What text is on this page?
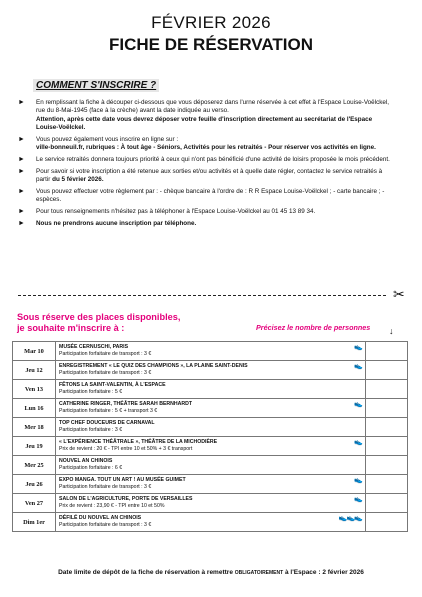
FÉVRIER 2026
FICHE DE RÉSERVATION
COMMENT S'INSCRIRE ?
► En remplissant la fiche à découper ci-dessous que vous déposerez dans l'urne réservée à cet effet à l'Espace Louise-Voëlckel, rue du 8-Mai-1945 (face à la crèche) avant la date indiquée au verso.
Attention, après cette date vous devrez déposer votre feuille d'inscription directement au secrétariat de l'Espace Louise-Voëlckel.
► Vous pouvez également vous inscrire en ligne sur :
ville-bonneuil.fr, rubriques : À tout âge - Séniors, Activités pour les retraités - Pour réserver vos activités en ligne.
► Le service retraités donnera toujours priorité à ceux qui n'ont pas bénéficié d'une activité de loisirs proposée le mois précédent.
► Pour savoir si votre inscription a été retenue aux sorties et/ou activités et à quelle date régler, contactez le service retraités à partir du 5 février 2026.
► Vous pouvez effectuer votre règlement par : - chèque bancaire à l'ordre de : R R Espace Louise-Voëlckel ; - carte bancaire ; - espèces.
► Pour tous renseignements n'hésitez pas à téléphoner à l'Espace Louise-Voëlckel au 01 45 13 89 34.
► Nous ne prendrons aucune inscription par téléphone.
✂
Sous réserve des places disponibles,
je souhaite m'inscrire à :	Précisez le nombre de personnes ↓
Mar 10	👟
MUSÉE CERNUSCHI, PARIS
Participation forfaitaire de transport : 3 €	
Jeu 12	👟
ENREGISTREMENT « LE QUIZ DES CHAMPIONS », LA PLAINE SAINT-DENIS
Participation forfaitaire de transport : 3 €	
Ven 13	FÊTONS LA SAINT-VALENTIN, À L'ESPACE
Participation forfaitaire : 5 €	
Lun 16	👟
CATHERINE RINGER, THÉÂTRE SARAH BERNHARDT
Participation forfaitaire : 5 € + transport 3 €	
Mer 18	TOP CHEF DOUCEURS DE CARNAVAL
Participation forfaitaire : 3 €	
Jeu 19	👟
« L'EXPÉRIENCE THÉÂTRALE », THÉÂTRE DE LA MICHODIÈRE
Prix de revient : 20 € - TPI entre 10 et 50% + 3 € transport	
Mer 25	NOUVEL AN CHINOIS
Participation forfaitaire : 6 €	
Jeu 26	👟
EXPO MANGA. TOUT UN ART ! AU MUSÉE GUIMET
Participation forfaitaire de transport : 3 €	
Ven 27	👟
SALON DE L'AGRICULTURE, PORTE DE VERSAILLES
Prix de revient : 23,90 € - TPI entre 10 et 50%	
Dim 1er	👟👟👟
DÉFILÉ DU NOUVEL AN CHINOIS
Participation forfaitaire de transport : 3 €	
Date limite de dépôt de la fiche de réservation à remettre OBLIGATOIREMENT à l'Espace : 2 février 2026
